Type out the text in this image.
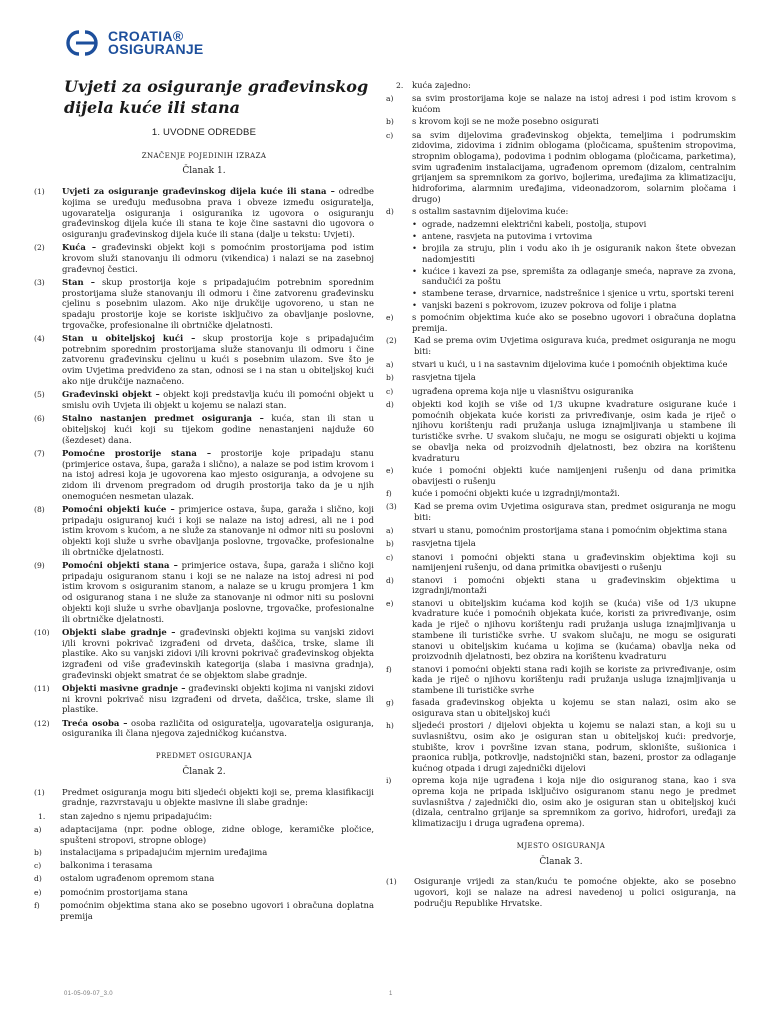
CROATIA®
OSIGURANJE
Uvjeti za osiguranje građevinskog dijela kuće ili stana
1. UVODNE ODREDBE
ZNAČENJE POJEDINIH IZRAZA
Članak 1.
(1)	Uvjeti za osiguranje građevinskog dijela kuće ili stana – odredbe kojima se uređuju međusobna prava i obveze između osiguratelja, ugovaratelja osiguranja i osiguranika iz ugovora o osiguranju građevinskog dijela kuće ili stana te koje čine sastavni dio ugovora o osiguranju građevinskog dijela kuće ili stana (dalje u tekstu: Uvjeti).
(2)	Kuća – građevinski objekt koji s pomoćnim prostorijama pod istim krovom služi stanovanju ili odmoru (vikendica) i nalazi se na zasebnoj građevnoj čestici.
(3)	Stan – skup prostorija koje s pripadajućim potrebnim sporednim prostorijama služe stanovanju ili odmoru i čine zatvorenu građevinsku cjelinu s posebnim ulazom. Ako nije drukčije ugovoreno, u stan ne spadaju prostorije koje se koriste isključivo za obavljanje poslovne, trgovačke, profesionalne ili obrtničke djelatnosti.
(4)	Stan u obiteljskoj kući – skup prostorija koje s pripadajućim potrebnim sporednim prostorijama služe stanovanju ili odmoru i čine zatvorenu građevinsku cjelinu u kući s posebnim ulazom. Sve što je ovim Uvjetima predviđeno za stan, odnosi se i na stan u obiteljskoj kući ako nije drukčije naznačeno.
(5)	Građevinski objekt – objekt koji predstavlja kuću ili pomoćni objekt u smislu ovih Uvjeta ili objekt u kojemu se nalazi stan.
(6)	Stalno nastanjen predmet osiguranja – kuća, stan ili stan u obiteljskoj kući koji su tijekom godine nenastanjeni najduže 60 (šezdeset) dana.
(7)	Pomoćne prostorije stana – prostorije koje pripadaju stanu (primjerice ostava, šupa, garaža i slično), a nalaze se pod istim krovom i na istoj adresi koja je ugovorena kao mjesto osiguranja, a odvojene su zidom ili drvenom pregradom od drugih prostorija tako da je u njih onemogućen nesmetan ulazak.
(8)	Pomoćni objekti kuće – primjerice ostava, šupa, garaža i slično, koji pripadaju osiguranoj kući i koji se nalaze na istoj adresi, ali ne i pod istim krovom s kućom, a ne služe za stanovanje ni odmor niti su poslovni objekti koji služe u svrhe obavljanja poslovne, trgovačke, profesionalne ili obrtničke djelatnosti.
(9)	Pomoćni objekti stana – primjerice ostava, šupa, garaža i slično koji pripadaju osiguranom stanu i koji se ne nalaze na istoj adresi ni pod istim krovom s osiguranim stanom, a nalaze se u krugu promjera 1 km od osiguranog stana i ne služe za stanovanje ni odmor niti su poslovni objekti koji služe u svrhe obavljanja poslovne, trgovačke, profesionalne ili obrtničke djelatnosti.
(10)	Objekti slabe gradnje – građevinski objekti kojima su vanjski zidovi i/ili krovni pokrivač izgrađeni od drveta, daščica, trske, slame ili plastike. Ako su vanjski zidovi i/ili krovni pokrivač građevinskog objekta izgrađeni od više građevinskih kategorija (slaba i masivna gradnja), građevinski objekt smatrat će se objektom slabe gradnje.
(11)	Objekti masivne gradnje – građevinski objekti kojima ni vanjski zidovi ni krovni pokrivač nisu izgrađeni od drveta, daščica, trske, slame ili plastike.
(12)	Treća osoba – osoba različita od osiguratelja, ugovaratelja osiguranja, osiguranika ili člana njegova zajedničkog kućanstva.
PREDMET OSIGURANJA
Članak 2.
(1)	Predmet osiguranja mogu biti sljedeći objekti koji se, prema klasifikaciji gradnje, razvrstavaju u objekte masivne ili slabe gradnje:
1.	stan zajedno s njemu pripadajućim:
a)	adaptacijama (npr. podne obloge, zidne obloge, keramičke pločice, spušteni stropovi, stropne obloge)
b)	instalacijama s pripadajućim mjernim uređajima
c)	balkonima i terasama
d)	ostalom ugrađenom opremom stana
e)	pomoćnim prostorijama stana
f)	pomoćnim objektima stana ako se posebno ugovori i obračuna doplatna premija
2.	kuća zajedno:
a)	sa svim prostorijama koje se nalaze na istoj adresi i pod istim krovom s kućom
b)	s krovom koji se ne može posebno osigurati
c)	sa svim dijelovima građevinskog objekta, temeljima i podrumskim zidovima, zidovima i zidnim oblogama (pločicama, spuštenim stropovima, stropnim oblogama), podovima i podnim oblogama (pločicama, parketima), svim ugrađenim instalacijama, ugrađenom opremom (dizalom, centralnim grijanjem sa spremnikom za gorivo, bojlerima, uređajima za klimatizaciju, hidroforima, alarmnim uređajima, videonadzorom, solarnim pločama i drugo)
d)	s ostalim sastavnim dijelovima kuće:
• ograde, nadzemni električni kabeli, postolja, stupovi
• antene, rasvjeta na putovima i vrtovima
• brojila za struju, plin i vodu ako ih je osiguranik nakon štete obvezan nadomjestiti
• kućice i kavezi za pse, spremišta za odlaganje smeća, naprave za zvona, sandučići za poštu
• stambene terase, drvarnice, nadstrešnice i sjenice u vrtu, sportski tereni
• vanjski bazeni s pokrovom, izuzev pokrova od folije i platna
e)	s pomoćnim objektima kuće ako se posebno ugovori i obračuna doplatna premija.
(2)	Kad se prema ovim Uvjetima osigurava kuća, predmet osiguranja ne mogu biti:
a)	stvari u kući, u i na sastavnim dijelovima kuće i pomoćnih objektima kuće
b)	rasvjetna tijela
c)	ugrađena oprema koja nije u vlasništvu osiguranika
d)	objekti kod kojih se više od 1/3 ukupne kvadrature osigurane kuće i pomoćnih objekata kuće koristi za privređivanje, osim kada je riječ o njihovu korištenju radi pružanja usluga iznajmljivanja u stambene ili turističke svrhe. U svakom slučaju, ne mogu se osigurati objekti u kojima se obavlja neka od proizvodnih djelatnosti, bez obzira na korištenu kvadraturu
e)	kuće i pomoćni objekti kuće namijenjeni rušenju od dana primitka obavijesti o rušenju
f)	kuće i pomoćni objekti kuće u izgradnji/montaži.
(3)	Kad se prema ovim Uvjetima osigurava stan, predmet osiguranja ne mogu biti:
a)	stvari u stanu, pomoćnim prostorijama stana i pomoćnim objektima stana
b)	rasvjetna tijela
c)	stanovi i pomoćni objekti stana u građevinskim objektima koji su namijenjeni rušenju, od dana primitka obavijesti o rušenju
d)	stanovi i pomoćni objekti stana u građevinskim objektima u izgradnji/montaži
e)	stanovi u obiteljskim kućama kod kojih se (kuća) više od 1/3 ukupne kvadrature kuće i pomoćnih objekata kuće, koristi za privređivanje, osim kada je riječ o njihovu korištenju radi pružanja usluga iznajmljivanja u stambene ili turističke svrhe. U svakom slučaju, ne mogu se osigurati stanovi u obiteljskim kućama u kojima se (kućama) obavlja neka od proizvodnih djelatnosti, bez obzira na korištenu kvadraturu
f)	stanovi i pomoćni objekti stana radi kojih se koriste za privređivanje, osim kada je riječ o njihovu korištenju radi pružanja usluga iznajmljivanja u stambene ili turističke svrhe
g)	fasada građevinskog objekta u kojemu se stan nalazi, osim ako se osigurava stan u obiteljskoj kući
h)	sljedeći prostori / dijelovi objekta u kojemu se nalazi stan, a koji su u suvlasništvu, osim ako je osiguran stan u obiteljskoj kući: predvorje, stubište, krov i površine izvan stana, podrum, sklonište, sušionica i praonica rublja, potkrovlje, nadstojnički stan, bazeni, prostor za odlaganje kućnog otpada i drugi zajednički dijelovi
i)	oprema koja nije ugrađena i koja nije dio osiguranog stana, kao i sva oprema koja ne pripada isključivo osiguranom stanu nego je predmet suvlasništva / zajednički dio, osim ako je osiguran stan u obiteljskoj kući (dizala, centralno grijanje sa spremnikom za gorivo, hidrofori, uređaji za klimatizaciju i druga ugrađena oprema).
MJESTO OSIGURANJA
Članak 3.
(1)	Osiguranje vrijedi za stan/kuću te pomoćne objekte, ako se posebno ugovori, koji se nalaze na adresi navedenoj u polici osiguranja, na području Republike Hrvatske.
01-05-09-07_3.0	1
